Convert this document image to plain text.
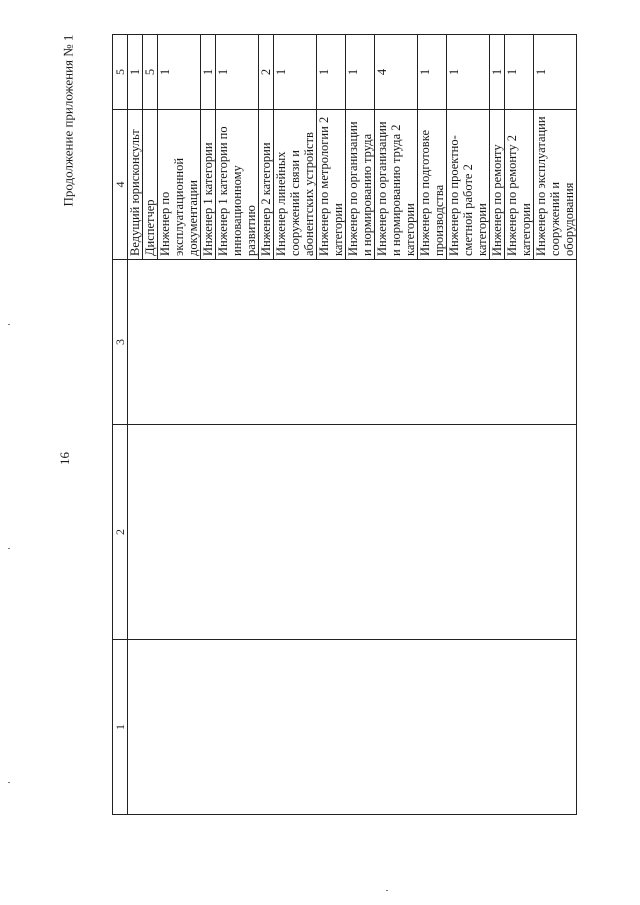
16
Продолжение приложения № 1
1	2	3	4	5
			Ведущий юрисконсульт	1
			Диспетчер	5
			Инженер по эксплуатационной документации	1
			Инженер 1 категории	1
			Инженер 1 категории по инновационному развитию	1
			Инженер 2 категории	2
			Инженер линейных сооружений связи и абонентских устройств	1
			Инженер по метрологии 2 категории	1
			Инженер по организации и нормированию труда	1
			Инженер по организации и нормированию труда 2 категории	4
			Инженер по подготовке производства	1
			Инженер по проектно-сметной работе 2 категории	1
			Инженер по ремонту	1
			Инженер по ремонту 2 категории	1
			Инженер по эксплуатации сооружений и оборудования	1
